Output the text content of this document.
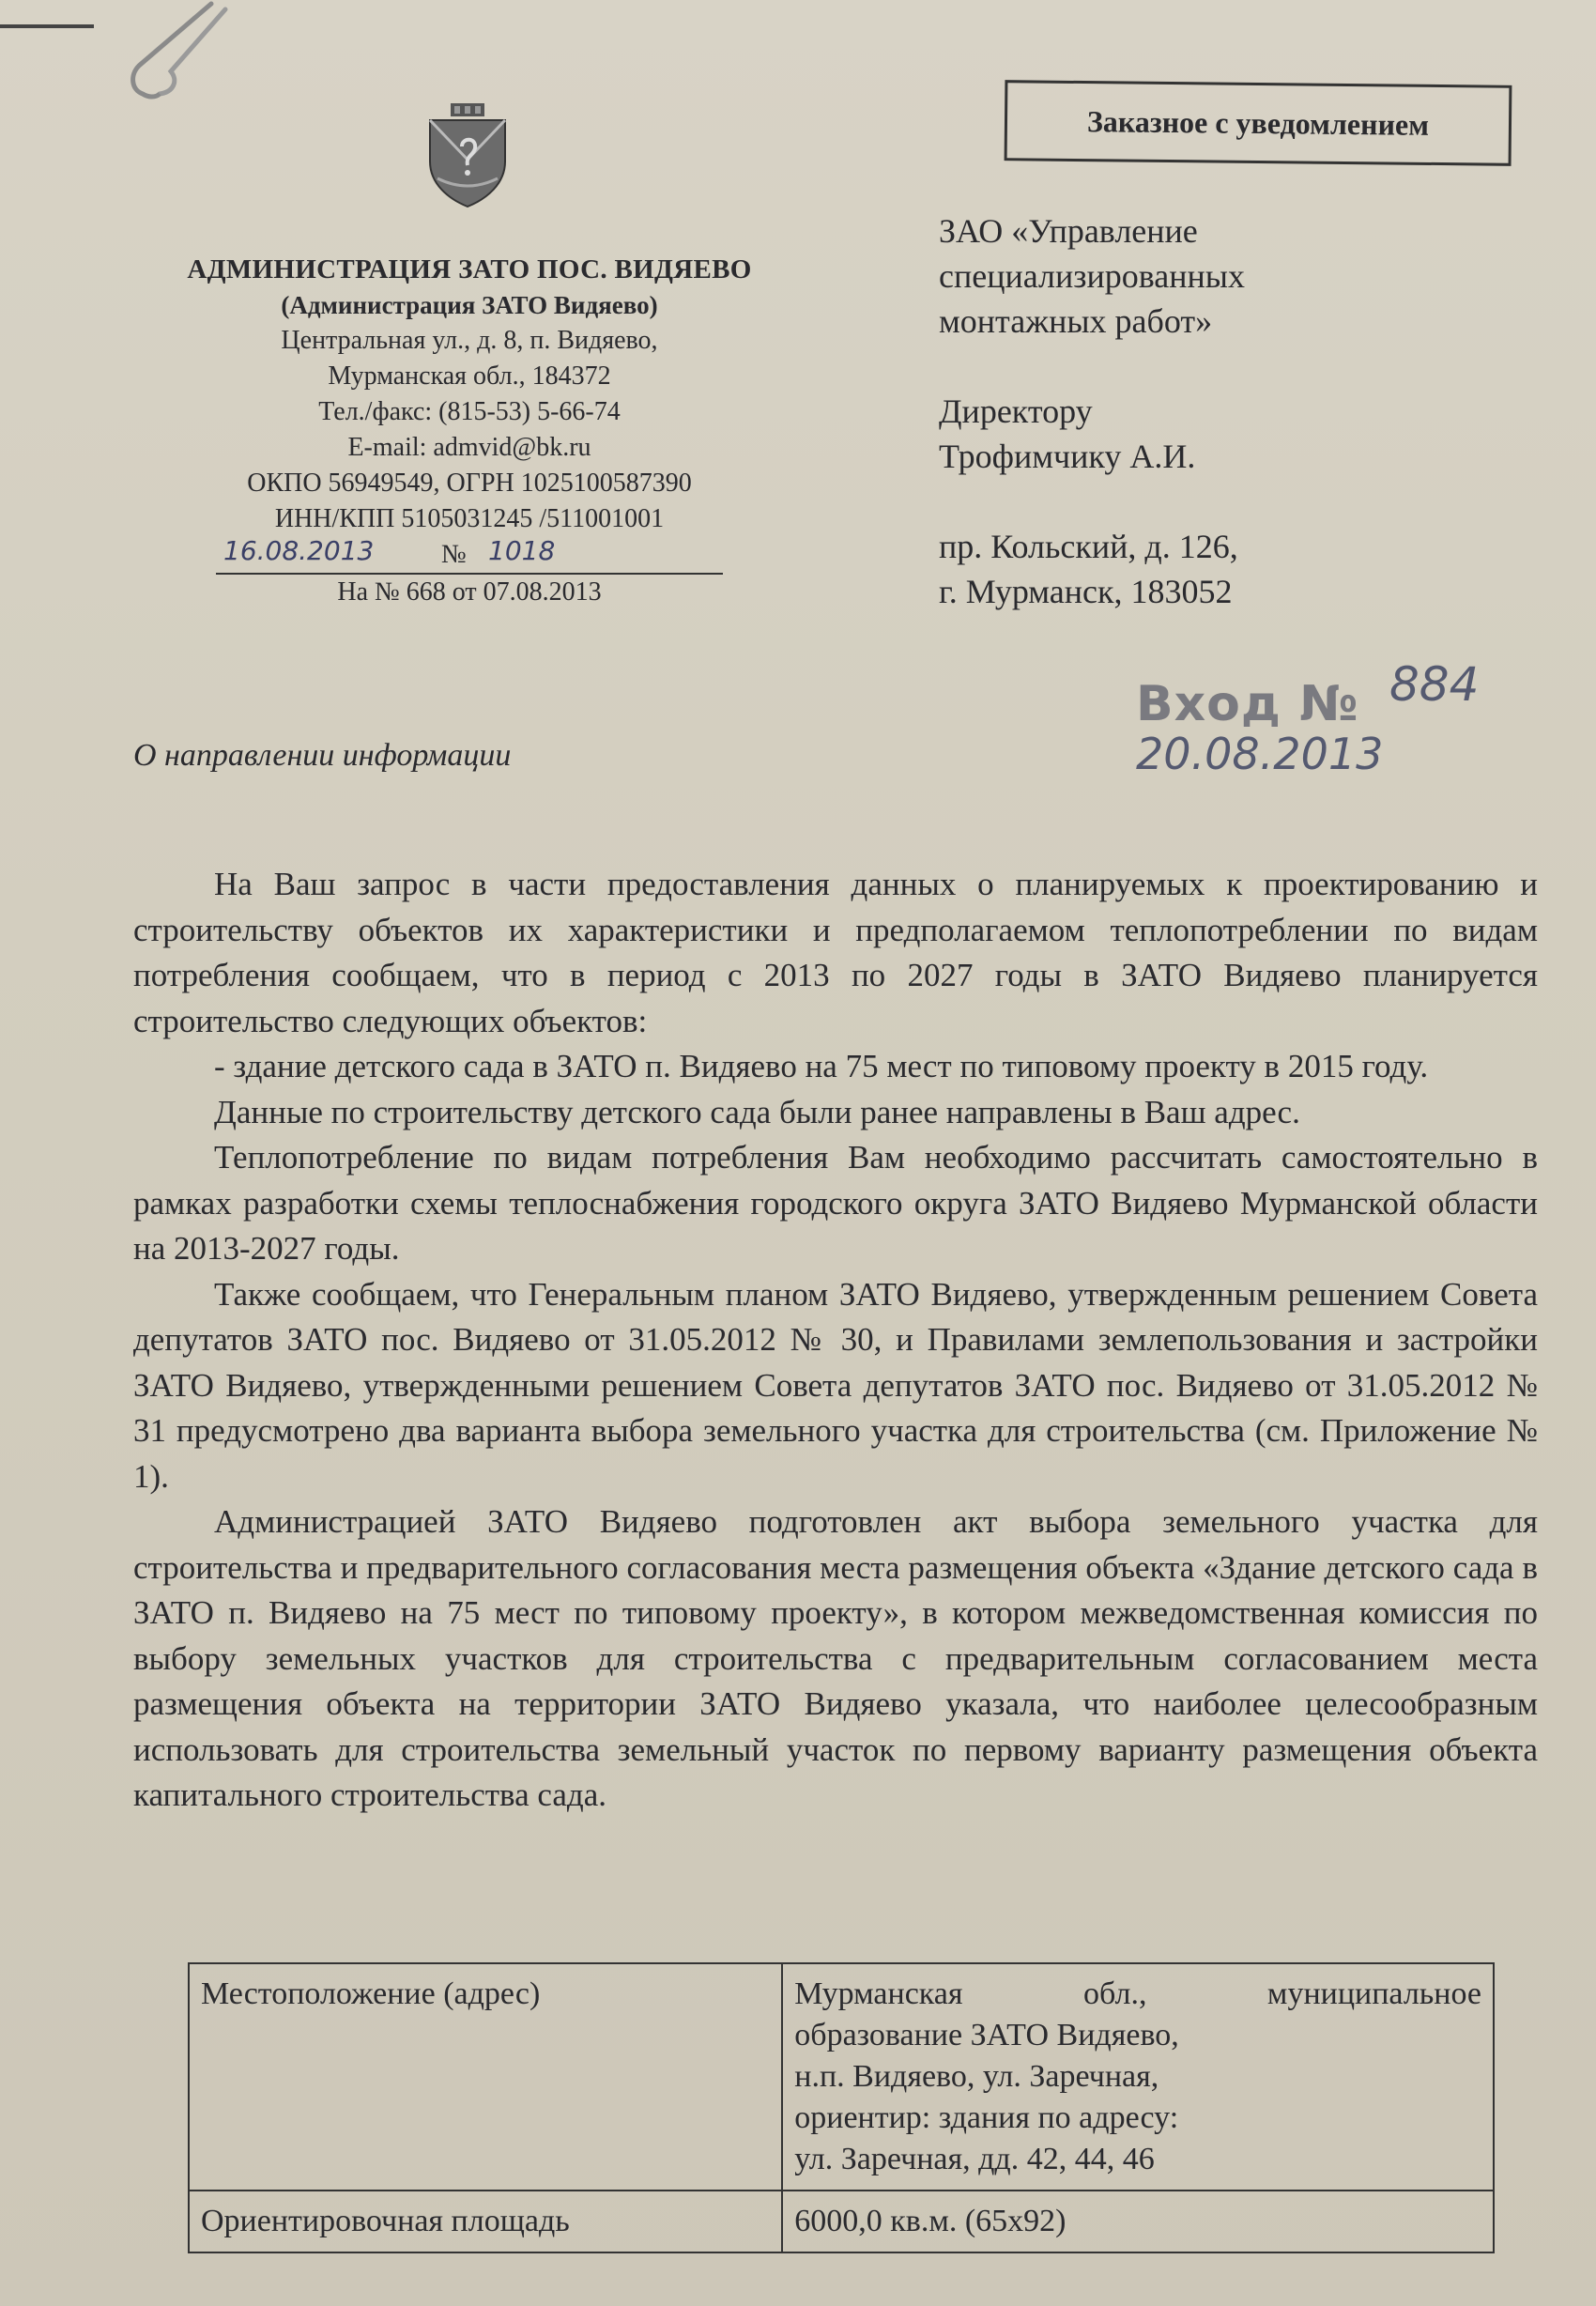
АДМИНИСТРАЦИЯ ЗАТО ПОС. ВИДЯЕВО
(Администрация ЗАТО Видяево)
Центральная ул., д. 8, п. Видяево,
Мурманская обл., 184372
Тел./факс: (815-53) 5-66-74
E-mail: admvid@bk.ru
ОКПО 56949549, ОГРН 1025100587390
ИНН/КПП 5105031245 /511001001
16.08.2013	№ 1018
На № 668 от 07.08.2013
Заказное с уведомлением
ЗАО «Управление
специализированных
монтажных работ»
Директору
Трофимчику А.И.
пр. Кольский, д. 126,
г. Мурманск, 183052
Вход № 884
20.08.2013
О направлении информации

На Ваш запрос в части предоставления данных о планируемых к проектированию и строительству объектов их характеристики и предполагаемом теплопотреблении по видам потребления сообщаем, что в период с 2013 по 2027 годы в ЗАТО Видяево планируется строительство следующих объектов:

- здание детского сада в ЗАТО п. Видяево на 75 мест по типовому проекту в 2015 году.

Данные по строительству детского сада были ранее направлены в Ваш адрес.

Теплопотребление по видам потребления Вам необходимо рассчитать самостоятельно в рамках разработки схемы теплоснабжения городского округа ЗАТО Видяево Мурманской области на 2013-2027 годы.

Также сообщаем, что Генеральным планом ЗАТО Видяево, утвержденным решением Совета депутатов ЗАТО пос. Видяево от 31.05.2012 № 30, и Правилами землепользования и застройки ЗАТО Видяево, утвержденными решением Совета депутатов ЗАТО пос. Видяево от 31.05.2012 № 31 предусмотрено два варианта выбора земельного участка для строительства (см. Приложение № 1).

Администрацией ЗАТО Видяево подготовлен акт выбора земельного участка для строительства и предварительного согласования места размещения объекта «Здание детского сада в ЗАТО п. Видяево на 75 мест по типовому проекту», в котором межведомственная комиссия по выбору земельных участков для строительства с предварительным согласованием места размещения объекта на территории ЗАТО Видяево указала, что наиболее целесообразным использовать для строительства земельный участок по первому варианту размещения объекта капитального строительства сада.

Местоположение (адрес)	Мурманская обл., муниципальное
образование ЗАТО Видяево,
н.п. Видяево, ул. Заречная,
ориентир: здания по адресу:
ул. Заречная, дд. 42, 44, 46

Ориентировочная площадь	6000,0 кв.м. (65х92)
